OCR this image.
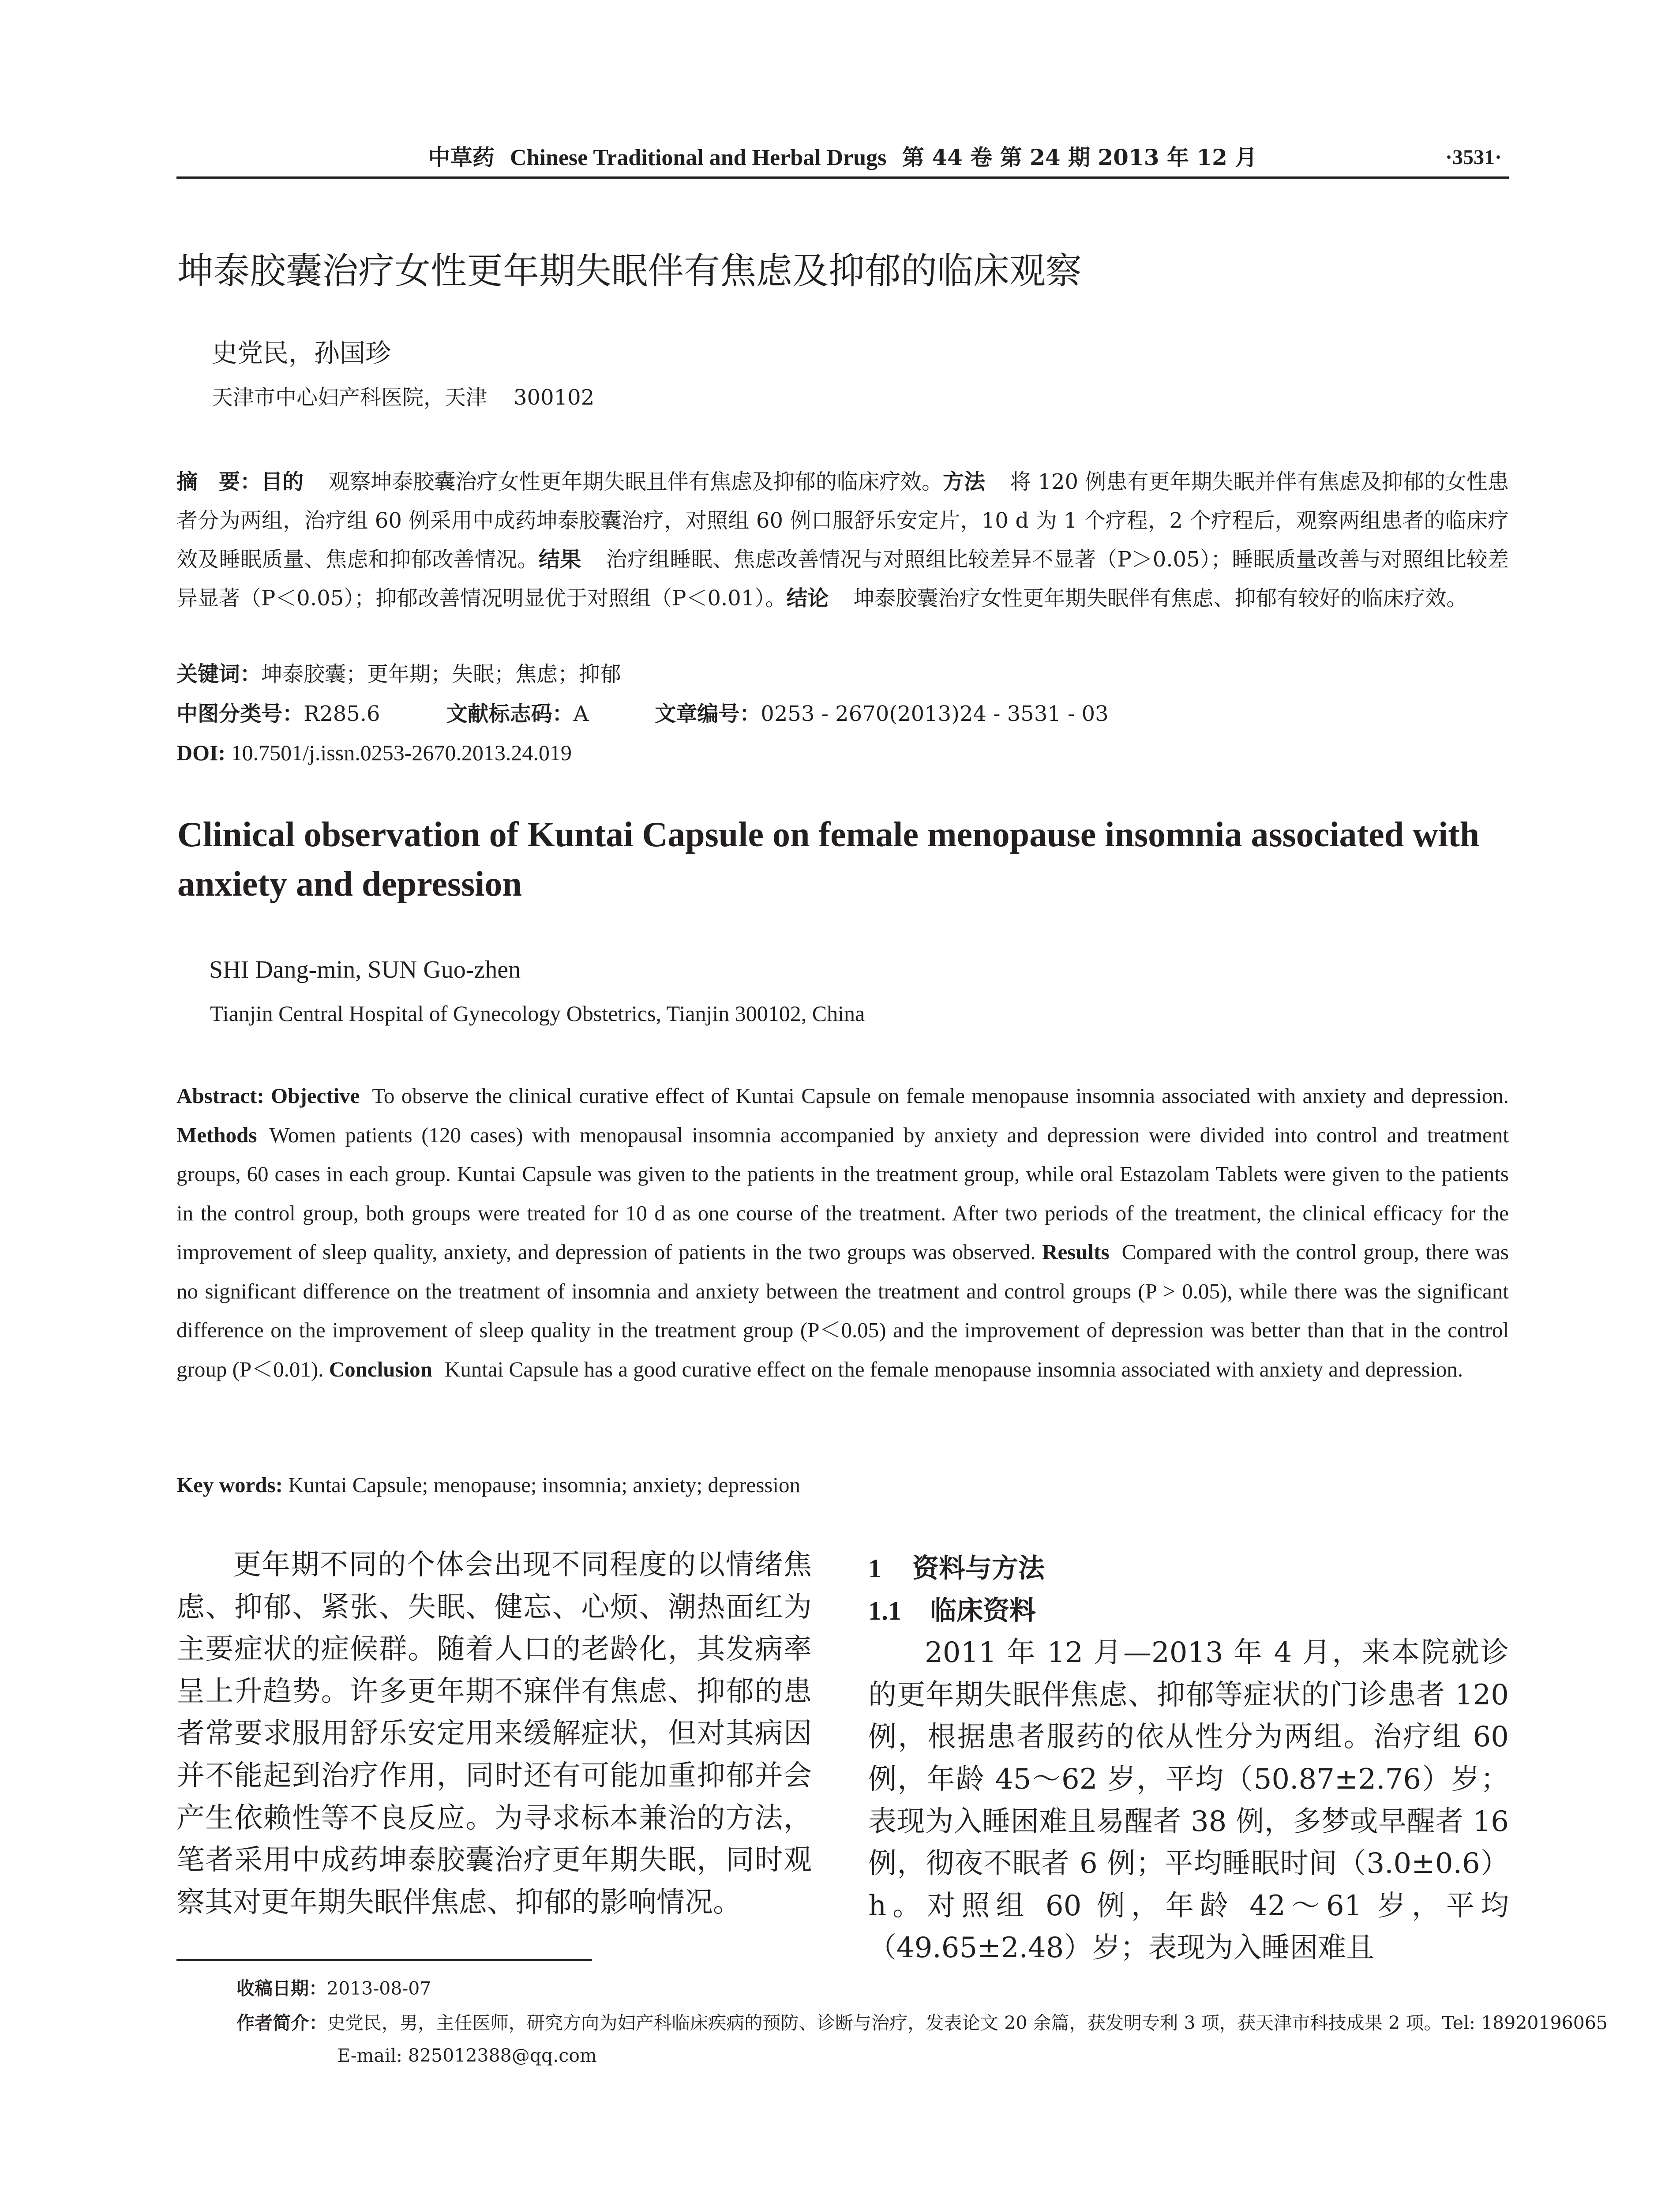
中草药 Chinese Traditional and Herbal Drugs 第 44 卷 第 24 期 2013 年 12 月	·3531·
坤泰胶囊治疗女性更年期失眠伴有焦虑及抑郁的临床观察
史党民，孙国珍
天津市中心妇产科医院，天津 300102
摘　要：目的 观察坤泰胶囊治疗女性更年期失眠且伴有焦虑及抑郁的临床疗效。方法 将 120 例患有更年期失眠并伴有焦虑及抑郁的女性患者分为两组，治疗组 60 例采用中成药坤泰胶囊治疗，对照组 60 例口服舒乐安定片，10 d 为 1 个疗程，2 个疗程后，观察两组患者的临床疗效及睡眠质量、焦虑和抑郁改善情况。结果 治疗组睡眠、焦虑改善情况与对照组比较差异不显著（P＞0.05）；睡眠质量改善与对照组比较差异显著（P＜0.05）；抑郁改善情况明显优于对照组（P＜0.01）。结论 坤泰胶囊治疗女性更年期失眠伴有焦虑、抑郁有较好的临床疗效。
关键词：坤泰胶囊；更年期；失眠；焦虑；抑郁
中图分类号：R285.6	文献标志码：A	文章编号：0253 - 2670(2013)24 - 3531 - 03
DOI: 10.7501/j.issn.0253-2670.2013.24.019
Clinical observation of Kuntai Capsule on female menopause insomnia associated with anxiety and depression
SHI Dang-min, SUN Guo-zhen
Tianjin Central Hospital of Gynecology Obstetrics, Tianjin 300102, China
Abstract: Objective To observe the clinical curative effect of Kuntai Capsule on female menopause insomnia associated with anxiety and depression. Methods Women patients (120 cases) with menopausal insomnia accompanied by anxiety and depression were divided into control and treatment groups, 60 cases in each group. Kuntai Capsule was given to the patients in the treatment group, while oral Estazolam Tablets were given to the patients in the control group, both groups were treated for 10 d as one course of the treatment. After two periods of the treatment, the clinical efficacy for the improvement of sleep quality, anxiety, and depression of patients in the two groups was observed. Results Compared with the control group, there was no significant difference on the treatment of insomnia and anxiety between the treatment and control groups (P > 0.05), while there was the significant difference on the improvement of sleep quality in the treatment group (P＜0.05) and the improvement of depression was better than that in the control group (P＜0.01). Conclusion Kuntai Capsule has a good curative effect on the female menopause insomnia associated with anxiety and depression.
Key words: Kuntai Capsule; menopause; insomnia; anxiety; depression

更年期不同的个体会出现不同程度的以情绪焦虑、抑郁、紧张、失眠、健忘、心烦、潮热面红为主要症状的症候群。随着人口的老龄化，其发病率呈上升趋势。许多更年期不寐伴有焦虑、抑郁的患者常要求服用舒乐安定用来缓解症状，但对其病因并不能起到治疗作用，同时还有可能加重抑郁并会产生依赖性等不良反应。为寻求标本兼治的方法，笔者采用中成药坤泰胶囊治疗更年期失眠，同时观察其对更年期失眠伴焦虑、抑郁的影响情况。

1 资料与方法
1.1 临床资料

2011 年 12 月—2013 年 4 月，来本院就诊的更年期失眠伴焦虑、抑郁等症状的门诊患者 120 例，根据患者服药的依从性分为两组。治疗组 60 例，年龄 45～62 岁，平均（50.87±2.76）岁；表现为入睡困难且易醒者 38 例，多梦或早醒者 16 例，彻夜不眠者 6 例；平均睡眠时间（3.0±0.6）h。对照组 60 例，年龄 42～61 岁，平均（49.65±2.48）岁；表现为入睡困难且

收稿日期：2013-08-07
作者简介：史党民，男，主任医师，研究方向为妇产科临床疾病的预防、诊断与治疗，发表论文 20 余篇，获发明专利 3 项，获天津市科技成果 2 项。Tel: 18920196065 E-mail: 825012388@qq.com
